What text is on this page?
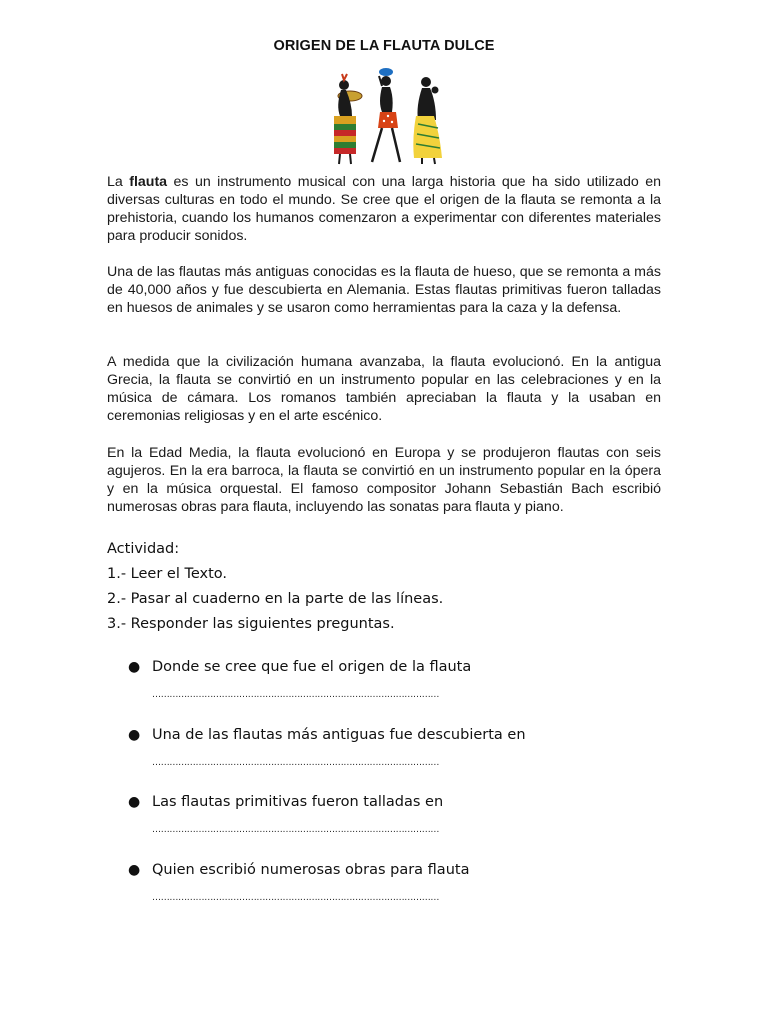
ORIGEN DE LA FLAUTA DULCE
La flauta es un instrumento musical con una larga historia que ha sido utilizado en diversas culturas en todo el mundo. Se cree que el origen de la flauta se remonta a la prehistoria, cuando los humanos comenzaron a experimentar con diferentes materiales para producir sonidos.
Una de las flautas más antiguas conocidas es la flauta de hueso, que se remonta a más de 40,000 años y fue descubierta en Alemania. Estas flautas primitivas fueron talladas en huesos de animales y se usaron como herramientas para la caza y la defensa.
A medida que la civilización humana avanzaba, la flauta evolucionó. En la antigua Grecia, la flauta se convirtió en un instrumento popular en las celebraciones y en la música de cámara. Los romanos también apreciaban la flauta y la usaban en ceremonias religiosas y en el arte escénico.
En la Edad Media, la flauta evolucionó en Europa y se produjeron flautas con seis agujeros. En la era barroca, la flauta se convirtió en un instrumento popular en la ópera y en la música orquestal. El famoso compositor Johann Sebastián Bach escribió numerosas obras para flauta, incluyendo las sonatas para flauta y piano.
Actividad:
1.- Leer el Texto.
2.- Pasar al cuaderno en la parte de las líneas.
3.- Responder las siguientes preguntas.
● Donde se cree que fue el origen de la flauta
………………………………………………………………………………………
● Una de las flautas más antiguas fue descubierta en
………………………………………………………………………………………
● Las flautas primitivas fueron talladas en
………………………………………………………………………………………
● Quien escribió numerosas obras para flauta
………………………………………………………………………………………
